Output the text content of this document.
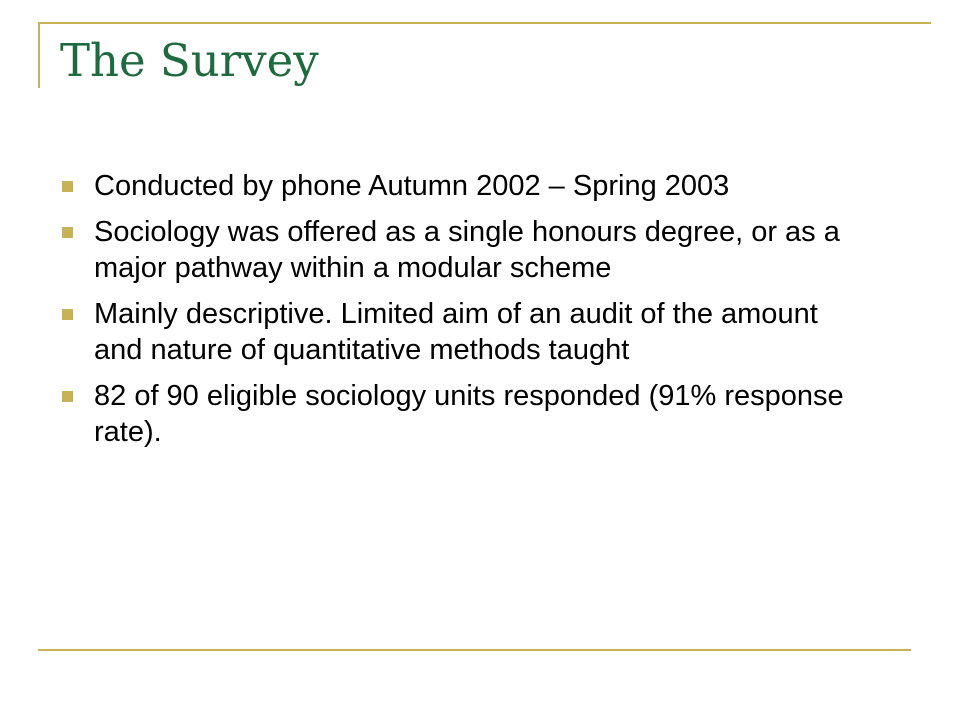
The Survey
Conducted by phone Autumn 2002 – Spring 2003
Sociology was offered as a single honours degree, or as a major pathway within a modular scheme
Mainly descriptive. Limited aim of an audit of the amount and nature of quantitative methods taught
82 of 90 eligible sociology units responded (91% response rate).
